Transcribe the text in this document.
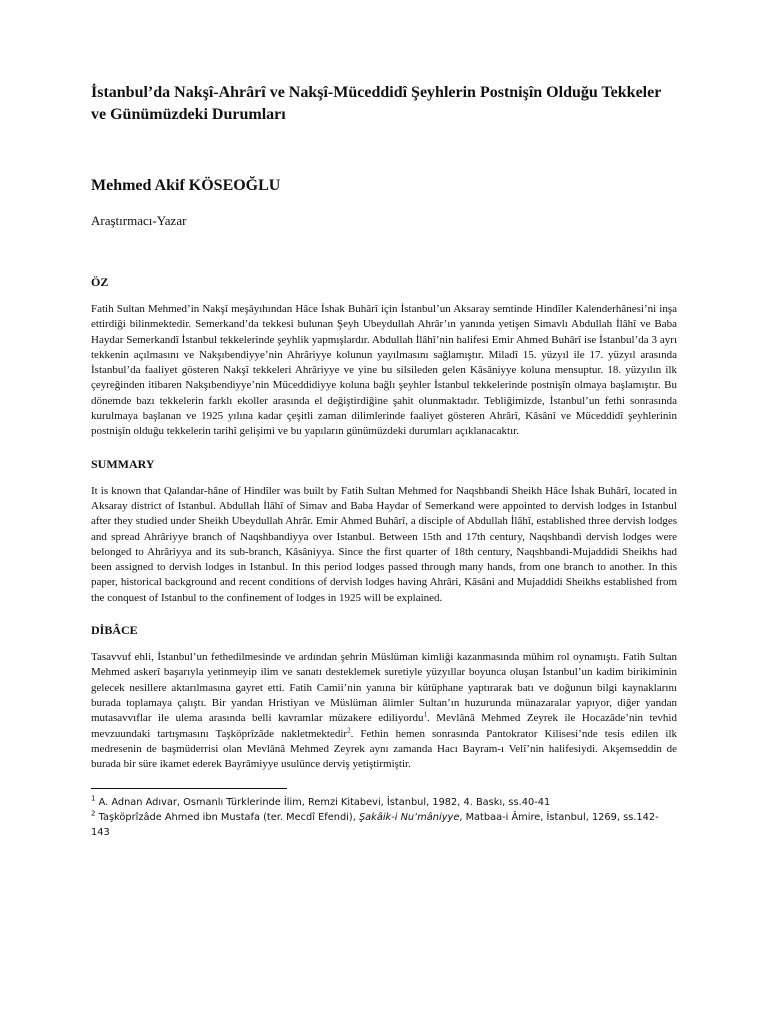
İstanbul’da Nakşî-Ahrârî ve Nakşî-Müceddidî Şeyhlerin Postnişîn Olduğu Tekkeler ve Günümüzdeki Durumları
Mehmed Akif KÖSEOĞLU
Araştırmacı-Yazar
ÖZ

Fatih Sultan Mehmed’in Nakşî meşâyıhından Hâce İshak Buhârî için İstanbul’un Aksaray semtinde Hindîler Kalenderhânesi’ni inşa ettirdiği bilinmektedir. Semerkand’da tekkesi bulunan Şeyh Ubeydullah Ahrâr’ın yanında yetişen Simavlı Abdullah İlâhî ve Baba Haydar Semerkandî İstanbul tekkelerinde şeyhlik yapmışlardır. Abdullah İlâhî’nin halifesi Emir Ahmed Buhârî ise İstanbul’da 3 ayrı tekkenin açılmasını ve Nakşıbendiyye’nin Ahrâriyye kolunun yayılmasını sağlamıştır. Miladî 15. yüzyıl ile 17. yüzyıl arasında İstanbul’da faaliyet gösteren Nakşî tekkeleri Ahrâriyye ve yine bu silsileden gelen Kâsâniyye koluna mensuptur. 18. yüzyılın ilk çeyreğinden itibaren Nakşıbendiyye’nin Müceddidiyye koluna bağlı şeyhler İstanbul tekkelerinde postnişîn olmaya başlamıştır. Bu dönemde bazı tekkelerin farklı ekoller arasında el değiştirdiğine şahit olunmaktadır. Tebliğimizde, İstanbul’un fethi sonrasında kurulmaya başlanan ve 1925 yılına kadar çeşitli zaman dilimlerinde faaliyet gösteren Ahrârî, Kâsânî ve Müceddidî şeyhlerinin postnişîn olduğu tekkelerin tarihî gelişimi ve bu yapıların günümüzdeki durumları açıklanacaktır.

SUMMARY

It is known that Qalandar-hâne of Hindîler was built by Fatih Sultan Mehmed for Naqshbandi Sheikh Hâce İshak Buhârî, located in Aksaray district of Istanbul. Abdullah İlâhî of Simav and Baba Haydar of Semerkand were appointed to dervish lodges in Istanbul after they studied under Sheikh Ubeydullah Ahrâr. Emir Ahmed Buhârî, a disciple of Abdullah İlâhî, established three dervish lodges and spread Ahrâriyye branch of Naqshbandiyya over Istanbul. Between 15th and 17th century, Naqshbandi dervish lodges were belonged to Ahrâriyya and its sub-branch, Kâsâniyya. Since the first quarter of 18th century, Naqshbandi-Mujaddidi Sheikhs had been assigned to dervish lodges in Istanbul. In this period lodges passed through many hands, from one branch to another. In this paper, historical background and recent conditions of dervish lodges having Ahrâri, Kâsâni and Mujaddidi Sheikhs established from the conquest of Istanbul to the confinement of lodges in 1925 will be explained.

DİBÂCE

Tasavvuf ehli, İstanbul’un fethedilmesinde ve ardından şehrin Müslüman kimliği kazanmasında mühim rol oynamıştı. Fatih Sultan Mehmed askerî başarıyla yetinmeyip ilim ve sanatı desteklemek suretiyle yüzyıllar boyunca oluşan İstanbul’un kadim birikiminin gelecek nesillere aktarılmasına gayret etti. Fatih Camii’nin yanına bir kütüphane yaptırarak batı ve doğunun bilgi kaynaklarını burada toplamaya çalıştı. Bir yandan Hristiyan ve Müslüman âlimler Sultan’ın huzurunda münazaralar yapıyor, diğer yandan mutasavvıflar ile ulema arasında belli kavramlar müzakere ediliyordu$^1$. Mevlânâ Mehmed Zeyrek ile Hocazâde’nin tevhid mevzuundaki tartışmasını Taşköprîzâde nakletmektedir$^2$. Fethin hemen sonrasında Pantokrator Kilisesi’nde tesis edilen ilk medresenin de başmüderrisi olan Mevlânâ Mehmed Zeyrek aynı zamanda Hacı Bayram-ı Velî’nin halifesiydi. Akşemseddin de burada bir süre ikamet ederek Bayrâmiyye usulünce derviş yetiştirmiştir.

$^1$ A. Adnan Adıvar, Osmanlı Türklerinde İlim, Remzi Kitabevi, İstanbul, 1982, 4. Baskı, ss.40-41
$^2$ Taşköprîzâde Ahmed ibn Mustafa (ter. Mecdî Efendi), Şakâik-i Nu‘mâniyye, Matbaa-i Âmire, İstanbul, 1269, ss.142-143
